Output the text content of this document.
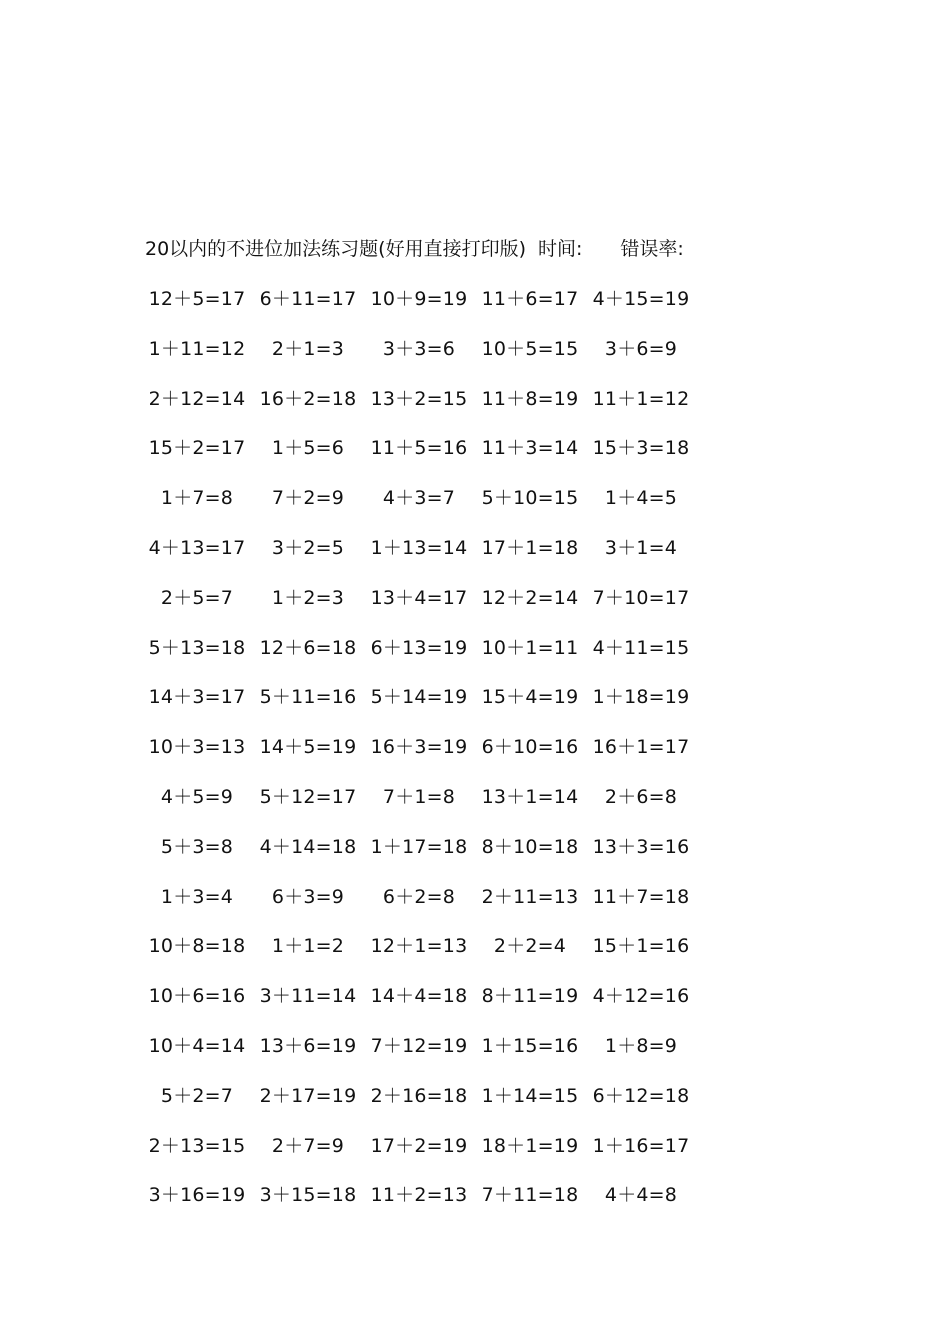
20以内的不进位加法练习题(好用直接打印版) 时间: 错误率:
12＋5=17 6＋11=17 10＋9=19 11＋6=17 4＋15=19
1＋11=12	2＋1=3	3＋3=6	10＋5=15	3＋6=9
2＋12=14 16＋2=18 13＋2=15 11＋8=19 11＋1=12
15＋2=17	1＋5=6	11＋5=16 11＋3=14 15＋3=18
1＋7=8	7＋2=9	4＋3=7	5＋10=15	1＋4=5
4＋13=17	3＋2=5	1＋13=14 17＋1=18	3＋1=4
2＋5=7	1＋2=3	13＋4=17 12＋2=14 7＋10=17
5＋13=18 12＋6=18 6＋13=19 10＋1=11 4＋11=15
14＋3=17 5＋11=16 5＋14=19 15＋4=19 1＋18=19
10＋3=13 14＋5=19 16＋3=19 6＋10=16 16＋1=17
4＋5=9	5＋12=17	7＋1=8	13＋1=14	2＋6=8
5＋3=8	4＋14=18 1＋17=18 8＋10=18 13＋3=16
1＋3=4	6＋3=9	6＋2=8	2＋11=13 11＋7=18
10＋8=18	1＋1=2	12＋1=13	2＋2=4	15＋1=16
10＋6=16 3＋11=14 14＋4=18 8＋11=19 4＋12=16
10＋4=14 13＋6=19 7＋12=19 1＋15=16	1＋8=9
5＋2=7	2＋17=19 2＋16=18 1＋14=15 6＋12=18
2＋13=15	2＋7=9	17＋2=19 18＋1=19 1＋16=17
3＋16=19 3＋15=18 11＋2=13 7＋11=18	4＋4=8
